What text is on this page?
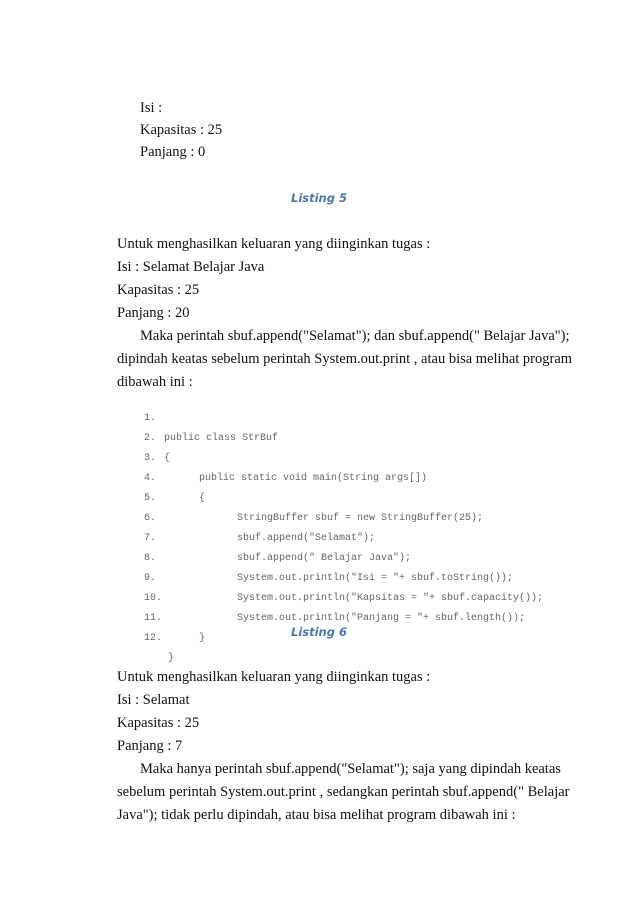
Isi :
Kapasitas : 25
Panjang : 0
Listing 5
Untuk menghasilkan keluaran yang diinginkan tugas :
Isi : Selamat Belajar Java
Kapasitas : 25
Panjang : 20
Maka perintah sbuf.append("Selamat"); dan sbuf.append(" Belajar Java");
dipindah keatas sebelum perintah System.out.print , atau bisa melihat program
dibawah ini :

1.

public class StrBuf

2.

{

3.

public static void main(String args[])

4.

{

5.

StringBuffer sbuf = new StringBuffer(25);

6.

sbuf.append("Selamat");

7.

sbuf.append(" Belajar Java");

8.

System.out.println("Isi = "+ sbuf.toString());

9.

System.out.println("Kapsitas = "+ sbuf.capacity());

10.

System.out.println("Panjang = "+ sbuf.length());

11.

}

12.

}

Listing 6
Untuk menghasilkan keluaran yang diinginkan tugas :
Isi : Selamat
Kapasitas : 25
Panjang : 7
Maka hanya perintah sbuf.append("Selamat"); saja yang dipindah keatas
sebelum perintah System.out.print , sedangkan perintah sbuf.append(" Belajar
Java"); tidak perlu dipindah, atau bisa melihat program dibawah ini :
